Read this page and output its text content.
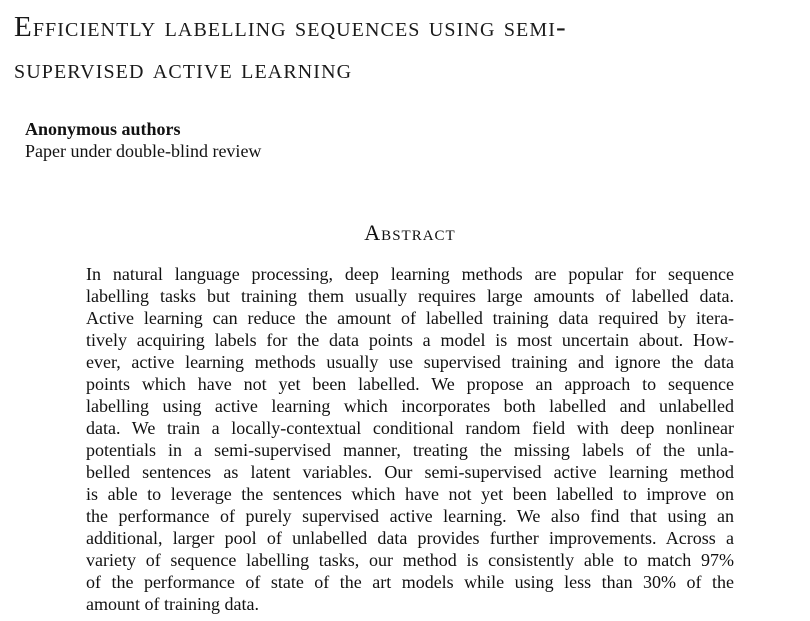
Efficiently labelling sequences using semi-
supervised active learning
Anonymous authors
Paper under double-blind review
Abstract
In natural language processing, deep learning methods are popular for sequence
labelling tasks but training them usually requires large amounts of labelled data.
Active learning can reduce the amount of labelled training data required by itera-
tively acquiring labels for the data points a model is most uncertain about. How-
ever, active learning methods usually use supervised training and ignore the data
points which have not yet been labelled. We propose an approach to sequence
labelling using active learning which incorporates both labelled and unlabelled
data. We train a locally-contextual conditional random field with deep nonlinear
potentials in a semi-supervised manner, treating the missing labels of the unla-
belled sentences as latent variables. Our semi-supervised active learning method
is able to leverage the sentences which have not yet been labelled to improve on
the performance of purely supervised active learning. We also find that using an
additional, larger pool of unlabelled data provides further improvements. Across a
variety of sequence labelling tasks, our method is consistently able to match 97%
of the performance of state of the art models while using less than 30% of the
amount of training data.
